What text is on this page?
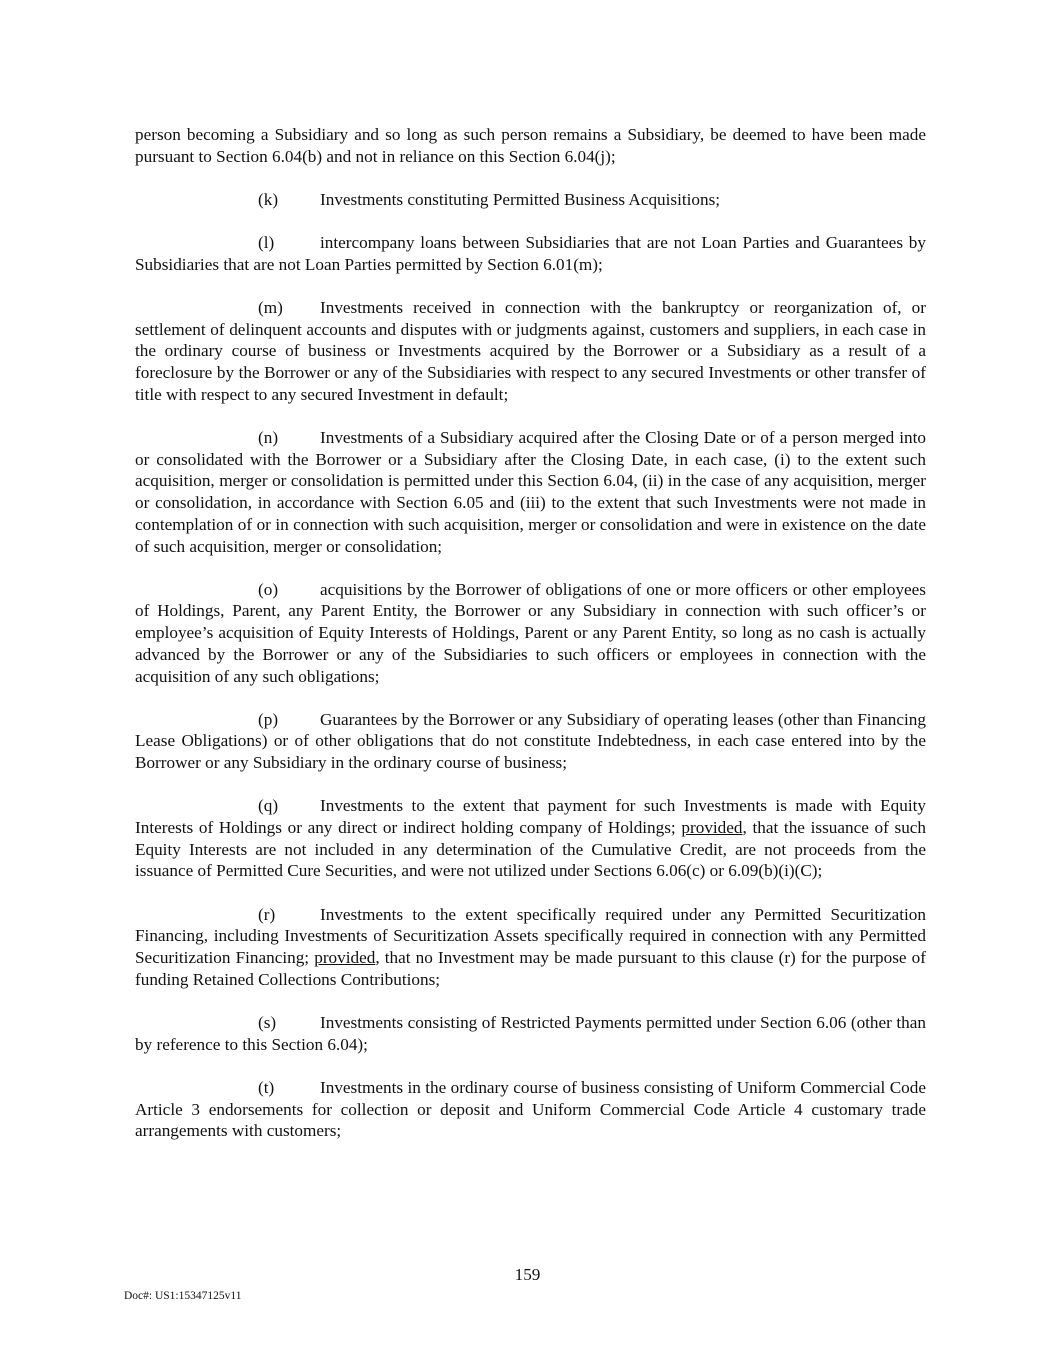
person becoming a Subsidiary and so long as such person remains a Subsidiary, be deemed to have been made pursuant to Section 6.04(b) and not in reliance on this Section 6.04(j);

(k) Investments constituting Permitted Business Acquisitions;

(l)	intercompany loans between Subsidiaries that are not Loan Parties and Guarantees by Subsidiaries that are not Loan Parties permitted by Section 6.01(m);

(m) Investments received in connection with the bankruptcy or reorganization of, or settlement of delinquent accounts and disputes with or judgments against, customers and suppliers, in each case in the ordinary course of business or Investments acquired by the Borrower or a Subsidiary as a result of a foreclosure by the Borrower or any of the Subsidiaries with respect to any secured Investments or other transfer of title with respect to any secured Investment in default;

(n) Investments of a Subsidiary acquired after the Closing Date or of a person merged into or consolidated with the Borrower or a Subsidiary after the Closing Date, in each case, (i) to the extent such acquisition, merger or consolidation is permitted under this Section 6.04, (ii) in the case of any acquisition, merger or consolidation, in accordance with Section 6.05 and (iii) to the extent that such Investments were not made in contemplation of or in connection with such acquisition, merger or consolidation and were in existence on the date of such acquisition, merger or consolidation;

(o) acquisitions by the Borrower of obligations of one or more officers or other employees of Holdings, Parent, any Parent Entity, the Borrower or any Subsidiary in connection with such officer’s or employee’s acquisition of Equity Interests of Holdings, Parent or any Parent Entity, so long as no cash is actually advanced by the Borrower or any of the Subsidiaries to such officers or employees in connection with the acquisition of any such obligations;

(p) Guarantees by the Borrower or any Subsidiary of operating leases (other than Financing Lease Obligations) or of other obligations that do not constitute Indebtedness, in each case entered into by the Borrower or any Subsidiary in the ordinary course of business;

(q) Investments to the extent that payment for such Investments is made with Equity Interests of Holdings or any direct or indirect holding company of Holdings; provided, that the issuance of such Equity Interests are not included in any determination of the Cumulative Credit, are not proceeds from the issuance of Permitted Cure Securities, and were not utilized under Sections 6.06(c) or 6.09(b)(i)(C);

(r)	Investments to the extent specifically required under any Permitted Securitization Financing, including Investments of Securitization Assets specifically required in connection with any Permitted Securitization Financing; provided, that no Investment may be made pursuant to this clause (r) for the purpose of funding Retained Collections Contributions;

(s)	Investments consisting of Restricted Payments permitted under Section 6.06 (other than by reference to this Section 6.04);

(t)	Investments in the ordinary course of business consisting of Uniform Commercial Code Article 3 endorsements for collection or deposit and Uniform Commercial Code Article 4 customary trade arrangements with customers;

159
Doc#: US1:15347125v11
